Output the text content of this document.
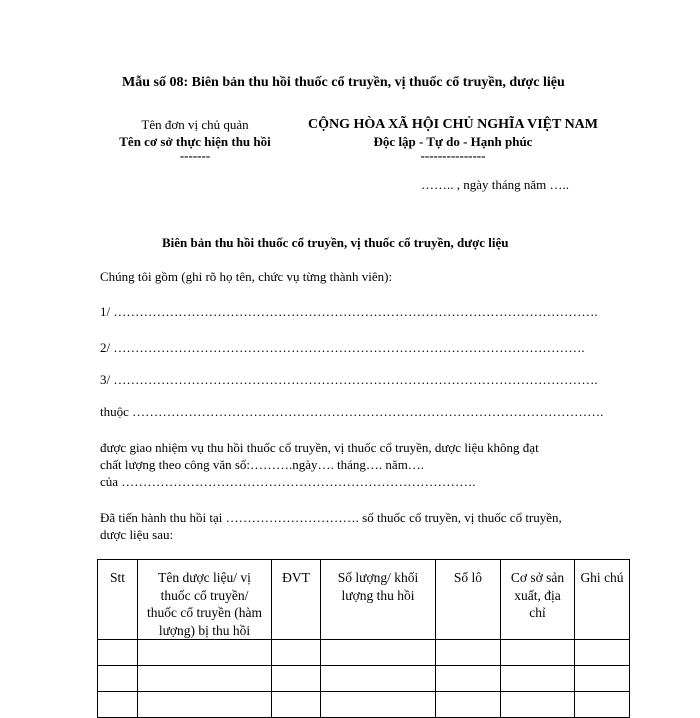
Mẫu số 08: Biên bản thu hồi thuốc cổ truyền, vị thuốc cổ truyền, dược liệu
Tên đơn vị chủ quản
Tên cơ sở thực hiện thu hồi
-------
CỘNG HÒA XÃ HỘI CHỦ NGHĨA VIỆT NAM
Độc lập - Tự do - Hạnh phúc
---------------
…….. , ngày tháng năm …..
Biên bản thu hồi thuốc cổ truyền, vị thuốc cổ truyền, dược liệu
Chúng tôi gồm (ghi rõ họ tên, chức vụ từng thành viên):
1/ ………………………………………………………………………………………………….
2/ ……………………………………………………………………………………………….
3/ ………………………………………………………………………………………………….
thuộc ……………………………………………………………………………………………….
được giao nhiệm vụ thu hồi thuốc cổ truyền, vị thuốc cổ truyền, dược liệu không đạt
chất lượng theo công văn số:……….ngày…. tháng…. năm….
của ……………………………………………………………………….
Đã tiến hành thu hồi tại …………………………. số thuốc cổ truyền, vị thuốc cổ truyền,
dược liệu sau:
Stt	Tên dược liệu/ vị thuốc cổ truyền/ thuốc cổ truyền (hàm lượng) bị thu hồi	ĐVT	Số lượng/ khối lượng thu hồi	Số lô	Cơ sở sản xuất, địa chỉ	Ghi chú
